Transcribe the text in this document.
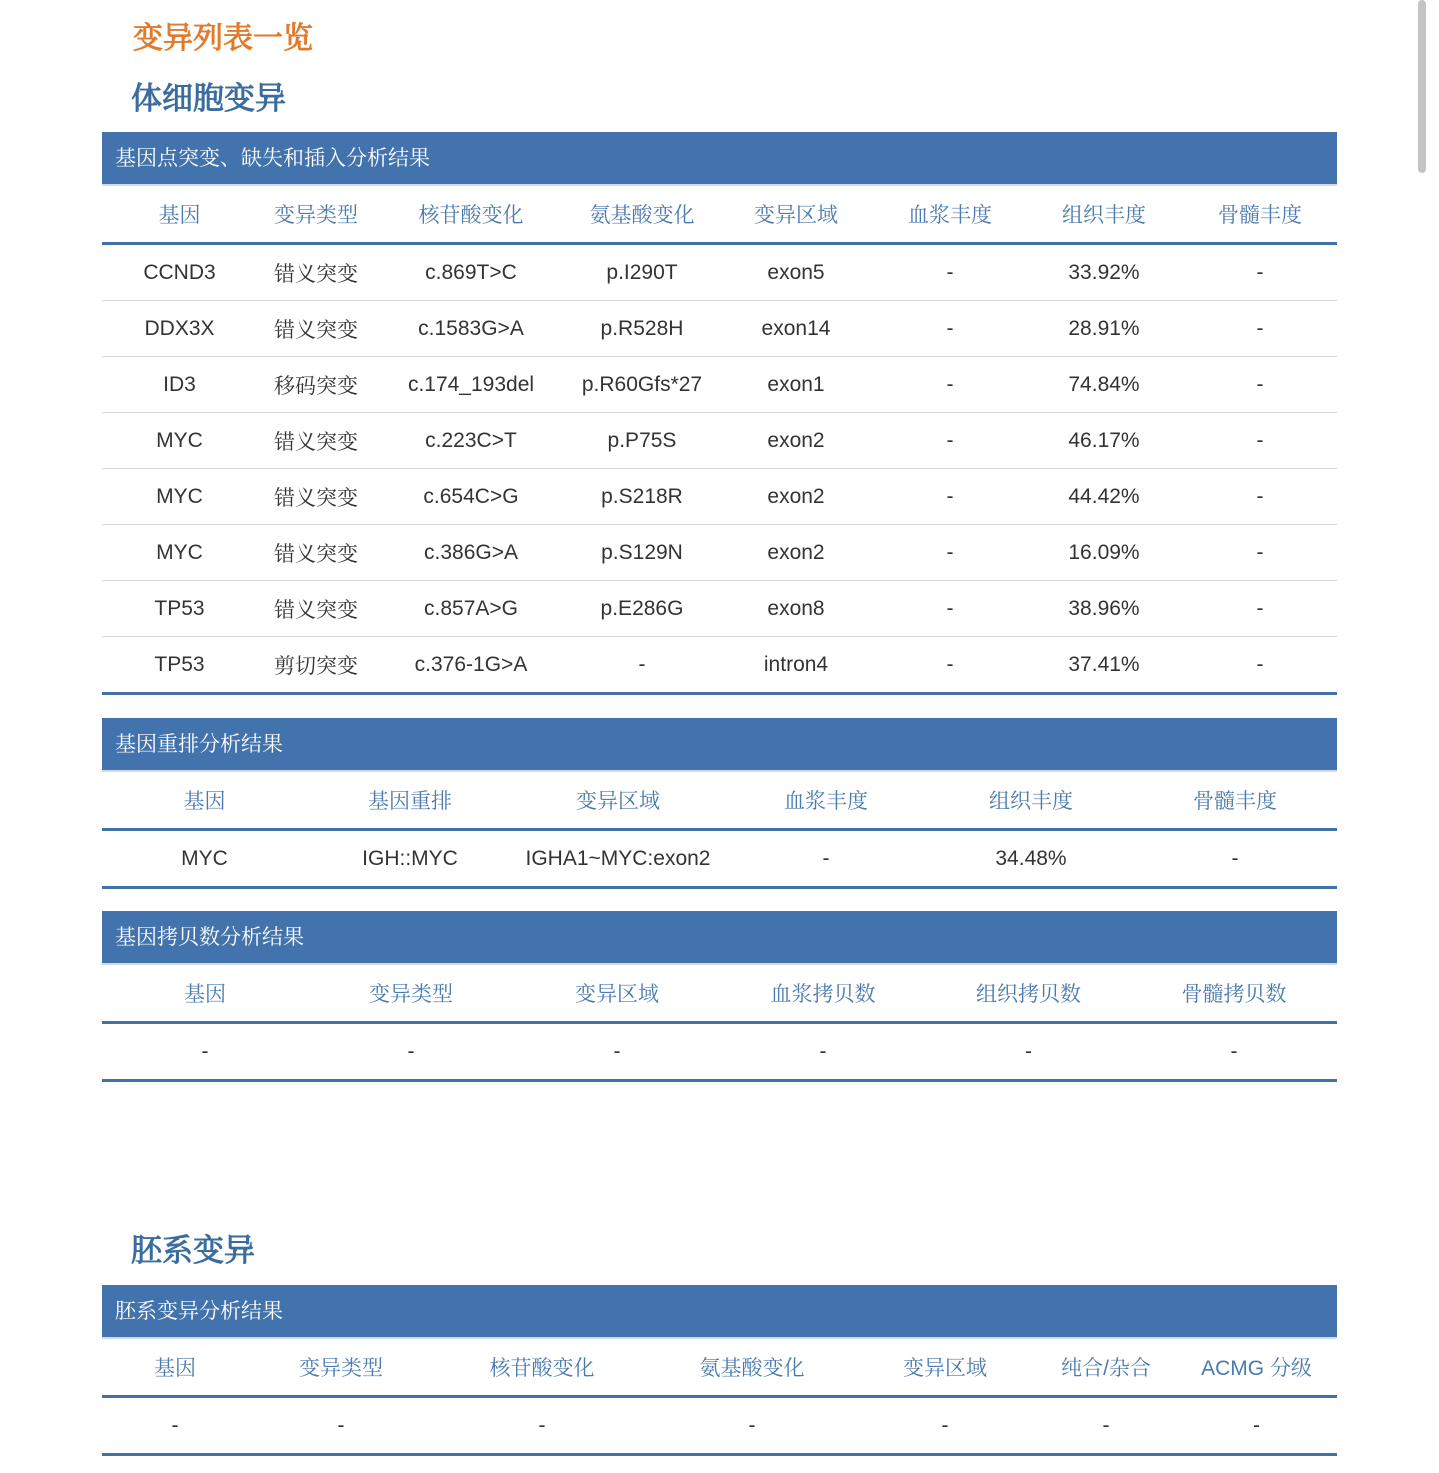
变异列表一览
体细胞变异
基因点突变、缺失和插入分析结果
基因	变异类型	核苷酸变化	氨基酸变化	变异区域	血浆丰度	组织丰度	骨髓丰度
CCND3	错义突变	c.869T>C	p.I290T	exon5	-	33.92%	-
DDX3X	错义突变	c.1583G>A	p.R528H	exon14	-	28.91%	-
ID3	移码突变	c.174_193del	p.R60Gfs*27	exon1	-	74.84%	-
MYC	错义突变	c.223C>T	p.P75S	exon2	-	46.17%	-
MYC	错义突变	c.654C>G	p.S218R	exon2	-	44.42%	-
MYC	错义突变	c.386G>A	p.S129N	exon2	-	16.09%	-
TP53	错义突变	c.857A>G	p.E286G	exon8	-	38.96%	-
TP53	剪切突变	c.376-1G>A	-	intron4	-	37.41%	-
基因重排分析结果
基因	基因重排	变异区域	血浆丰度	组织丰度	骨髓丰度
MYC	IGH::MYC	IGHA1~MYC:exon2	-	34.48%	-
基因拷贝数分析结果
基因	变异类型	变异区域	血浆拷贝数	组织拷贝数	骨髓拷贝数
-	-	-	-	-	-
胚系变异
胚系变异分析结果
基因	变异类型	核苷酸变化	氨基酸变化	变异区域	纯合/杂合	ACMG 分级
-	-	-	-	-	-	-
